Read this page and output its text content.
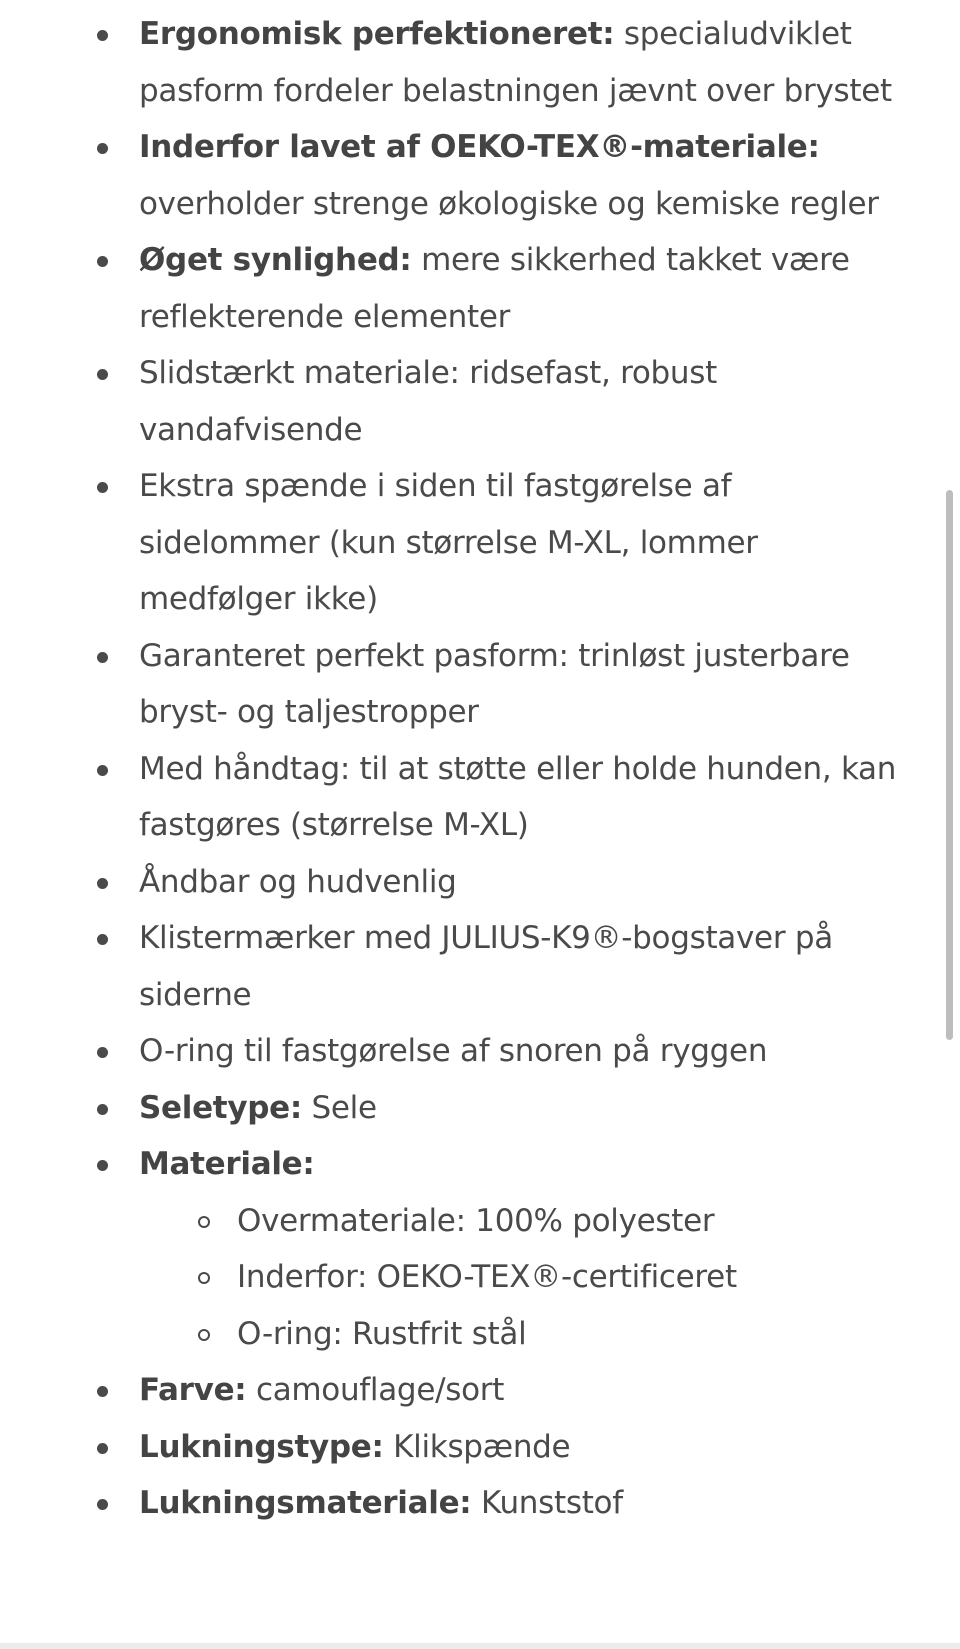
Ergonomisk perfektioneret: specialudviklet pasform fordeler belastningen jævnt over brystet
Inderfor lavet af OEKO-TEX®-materiale: overholder strenge økologiske og kemiske regler
Øget synlighed: mere sikkerhed takket være reflekterende elementer
Slidstærkt materiale: ridsefast, robust vandafvisende
Ekstra spænde i siden til fastgørelse af sidelommer (kun størrelse M-XL, lommer medfølger ikke)
Garanteret perfekt pasform: trinløst justerbare bryst- og taljestropper
Med håndtag: til at støtte eller holde hunden, kan fastgøres (størrelse M-XL)
Åndbar og hudvenlig
Klistermærker med JULIUS-K9®-bogstaver på siderne
O-ring til fastgørelse af snoren på ryggen
Seletype: Sele
Materiale:
Overmateriale: 100% polyester
Inderfor: OEKO-TEX®-certificeret
O-ring: Rustfrit stål
Farve: camouflage/sort
Lukningstype: Klikspænde
Lukningsmateriale: Kunststof
